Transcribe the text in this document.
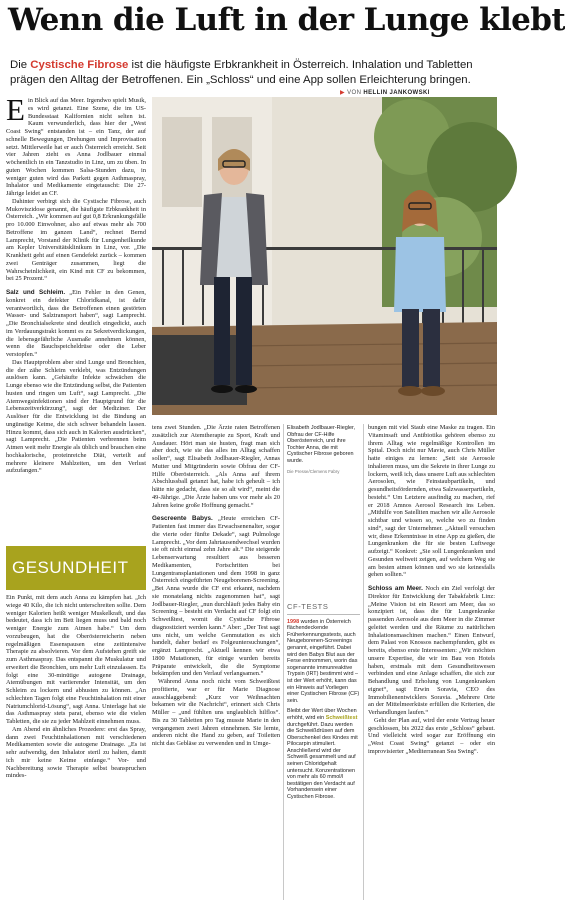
Wenn die Luft in der Lunge klebt
Die Cystische Fibrose ist die häufigste Erbkrankheit in Österreich. Inhalation und Tabletten prägen den Alltag der Betroffenen. Ein „Schloss“ und eine App sollen Erleichterung bringen.
▶ VON HELLIN JANKOWSKI

Ein Blick auf das Meer. Irgendwo spielt Musik, es wird getanzt. Eine Szene, die im US-Bundesstaat Kalifornien nicht selten ist. Kaum verwunderlich, dass hier der „West Coast Swing“ entstanden ist – ein Tanz, der auf schnelle Bewegungen, Drehungen und Improvisation setzt. Mittlerweile hat er auch Österreich erreicht. Seit vier Jahren zieht es Anna Jodlbauer einmal wöchentlich in ein Tanzstudio in Linz, um zu üben. In guten Wochen kommen Salsa-Stunden dazu, in weniger guten wird das Parkett gegen Asthmaspray, Inhalator und Medikamente eingetauscht: Die 27-Jährige leidet an CF.

Dahinter verbirgt sich die Cystische Fibrose, auch Mukoviszidose genannt, die häufigste Erbkrankheit in Österreich. „Wir kommen auf gut 0,8 Erkrankungsfälle pro 10.000 Einwohner, also auf etwas mehr als 700 Betroffene im ganzen Land“, rechnet Bernd Lamprecht, Vorstand der Klinik für Lungenheilkunde am Kepler Universitätsklinikum in Linz, vor. „Die Krankheit geht auf einen Gendefekt zurück – kommen zwei Genträger zusammen, liegt die Wahrscheinlichkeit, ein Kind mit CF zu bekommen, bei 25 Prozent.“

Salz und Schleim. „Ein Fehler in den Genen, konkret ein defekter Chloridkanal, ist dafür verantwortlich, dass die Betroffenen einen gestörten Wasser- und Salztransport haben“, sagt Lamprecht. „Die Bronchialsekrete sind deutlich eingedickt, auch im Verdauungstrakt kommt es zu Sekretverdickungen, die lebensgefährliche Ausmaße annehmen können, wenn die Bauchspeicheldrüse oder die Leber verstopfen.“

Das Hauptproblem aber sind Lunge und Bronchien, die der zähe Schleim verklebt, was Entzündungen auslösen kann. „Gehäufte Infekte schwächen die Lunge ebenso wie die Entzündung selbst, die Patienten husten und ringen um Luft“, sagt Lamprecht. „Die Atemwegsinfektionen sind der Hauptgrund für die Lebenszeitverkürzung“, sagt der Mediziner. Der Auslöser für die Entwicklung ist die Bindung an ungünstige Keime, die sich schwer behandeln lassen. Hinzu kommt, dass sich auch in Kalorien ausdrücken“, sagt Lamprecht. „Die Patienten verbrennen beim Atmen weit mehr Energie als üblich und brauchen eine hochkalorische, proteinreiche Diät, verteilt auf mehrere kleinere Mahlzeiten, um den Verlust aufzufangen.“

GESUNDHEIT

Ein Punkt, mit dem auch Anna zu kämpfen hat. „Ich wiege 40 Kilo, die ich nicht unterschreiten sollte. Dem weniger Kalorien heißt weniger Muskelkraft, und das bedeutet, dass ich im Bett liegen muss und bald noch weniger Energie zum Atmen habe.“ Um dem vorzubeugen, hat die Oberösterreicherin neben regelmäßigen Essenspausen eine zeitintensive Therapie zu absolvieren. Vor dem Aufstehen greift sie zum Asthmaspray. Das entspannt die Muskulatur und erweitert die Bronchien, um mehr Luft einzulassen. Es folgt eine 30-minütige autogene Drainage, Atemübungen mit variierender Intensität, um den Schleim zu lockern und abhusten zu können. „An schlechten Tagen folgt eine Feuchtinhalation mit einer Natriumchlorid-Lösung“, sagt Anna. Unterlage hat sie das Asthmaspray stets parat, ebenso wie die vielen Tabletten, die sie zu jeder Mahlzeit einnehmen muss.

Am Abend ein ähnliches Prozedere: erst das Spray, dann zwei Feuchtinhalationen mit verschiedenen Medikamenten sowie die autogene Drainage. „Es ist sehr aufwendig, den Inhalator steril zu halten, damit ich mir keine Keime einfange.“ Vor- und Nachbereitung sowie Therapie selbst beanspruchen mindes-

tens zwei Stunden. „Die Ärzte raten Betroffenen zusätzlich zur Atemtherapie zu Sport, Kraft und Ausdauer. Hört man sie husten, fragt man sich aber doch, wie sie das alles im Alltag schaffen sollen“, sagt Elisabeth Jodlbauer-Riegler, Annas Mutter und Mitgründerin sowie Obfrau der CF-Hilfe Oberösterreich. „Als Anna auf ihrem Abschlussball getanzt hat, habe ich geheult – ich hätte nie gedacht, dass sie so alt wird“, meint die 49-Jährige. „Die Ärzte haben uns vor mehr als 20 Jahren keine große Hoffnung gemacht.“

Gescreente Babys. „Heute erreichen CF-Patienten fast immer das Erwachsenenalter, sogar die vierte oder fünfte Dekade“, sagt Pulmologe Lamprecht. „Vor dem Jahrtausendwechsel wurden sie oft nicht einmal zehn Jahre alt.“ Die steigende Lebenserwartung resultiert aus besseren Medikamenten, Fortschritten bei Lungentransplantationen und dem 1998 in ganz Österreich eingeführten Neugeborenen-Screening. „Bei Anna wurde die CF erst erkannt, nachdem sie monatelang nichts zugenommen hat“, sagt Jodlbauer-Riegler, „nun durchläuft jedes Baby ein Screening – besteht ein Verdacht auf CF folgt ein Schweißtest, womit die Cystische Fibrose diagnostiziert werden kann.“ Aber: „Der Test sagt uns nicht, um welche Genmutation es sich handelt, daher bedarf es Folgeuntersuchungen“, ergänzt Lamprecht. „Aktuell kennen wir etwa 1800 Mutationen, für einige wurden bereits Präparate entwickelt, die die Symptome bekämpfen und den Verlauf verlangsamen.“

Während Anna noch nicht vom Schweißtest profitierte, war er für Marie Diagnose ausschlaggebend: „Kurz vor Weihnachten bekamen wir die Nachricht“, erinnert sich Chris Müller – „und fühlten uns unglaublich hilflos“. Bis zu 30 Tabletten pro Tag musste Marie in den vergangenen zwei Jahren einnehmen. Sie lernte, anderen nicht die Hand zu geben, auf Toiletten nicht das Gebläse zu verwenden und in Umge-

Elisabeth Jodlbauer-Riegler, Obfrau der CF-Hilfe Oberösterreich, und ihre Tochter Anna, die mit Cystischer Fibrose geboren wurde.
Die Presse/Clemens Fabry
CF-TESTS

1998 wurden in Österreich flächendeckende Früherkennungsstests, auch Neugeborenen-Screenings genannt, eingeführt. Dabei wird den Babys Blut aus der Ferse entnommen, worin das sogenannte immunreaktive Trypsin (IRT) bestimmt wird – ist der Wert erhöht, kann das ein Hinweis auf Vorliegen einer Cystischen Fibrose (CF) sein.

Bleibt der Wert über Wochen erhöht, wird ein Schweißtest durchgeführt. Dazu werden die Schweißdrüsen auf dem Oberschenkel des Kindes mit Pilocarpin stimuliert. Anschließend wird der Schweiß gesammelt und auf seinen Chloridgehalt untersucht. Konzentrationen von mehr als 60 mmol/l bestätigen den Verdacht auf Vorhandensein einer Cystischen Fibrose.

bungen mit viel Staub eine Maske zu tragen. Ein Vitaminsaft und Antibiotika gehören ebenso zu ihrem Alltag wie regelmäßige Kontrollen im Spital. Doch nicht nur Mavie, auch Chris Müller hatte einiges zu lernen: „Seit sie Aerosole inhalieren muss, um die Sekrete in ihrer Lunge zu lockern, weiß ich, dass unsere Luft aus schlechten Aerosolen, wie Feinstaubpartikeln, und gesundheitsfördernden, etwa Salzwasserpartikeln, besteht.“ Um Letztere ausfindig zu machen, rief er 2018 Amnos Aerosol Research ins Leben. „Mithilfe von Satelliten machen wir alle Aerosole sichtbar und wissen so, welche wo zu finden sind“, sagt der Unternehmer. „Aktuell versuchen wir, diese Erkenntnisse in eine App zu gießen, die Lungenkranken die für sie besten Luftwege aufzeigt.“ Konkret: „Sie soll Lungenkranken und Gesunden weltweit zeigen, auf welchem Weg sie am besten atmen können und wo sie keinesfalls gehen sollten.“

Schloss am Meer. Noch ein Ziel verfolgt der Direktor für Entwicklung der Tabakfabrik Linz: „Meine Vision ist ein Resort am Meer, das so konzipiert ist, dass die für Lungenkranke passenden Aerosole aus dem Meer in die Zimmer geleitet werden und die Räume zu natürlichen Inhalationsmaschinen machen.“ Einen Entwurf, dem Palast von Knossos nachempfunden, gibt es bereits, ebenso erste Interessenten: „Wir möchten unsere Expertise, die wir im Bau von Hotels haben, erstmals mit dem Gesundheitswesen verbinden und eine Anlage schaffen, die sich zur Behandlung und Erholung von Lungenkranken eignet“, sagt Erwin Soravia, CEO des Immobilienentwicklers Soravia. „Mehrere Orte an der Mittelmeerküste erfüllen die Kriterien, die Verhandlungen laufen.“

Geht der Plan auf, wird der erste Vertrag heuer geschlossen, bis 2022 das erste „Schloss“ gebaut. Und vielleicht wird sogar zur Eröffnung ein „West Coast Swing“ getanzt – oder ein improvisierter „Mediterranean Sea Swing“.
